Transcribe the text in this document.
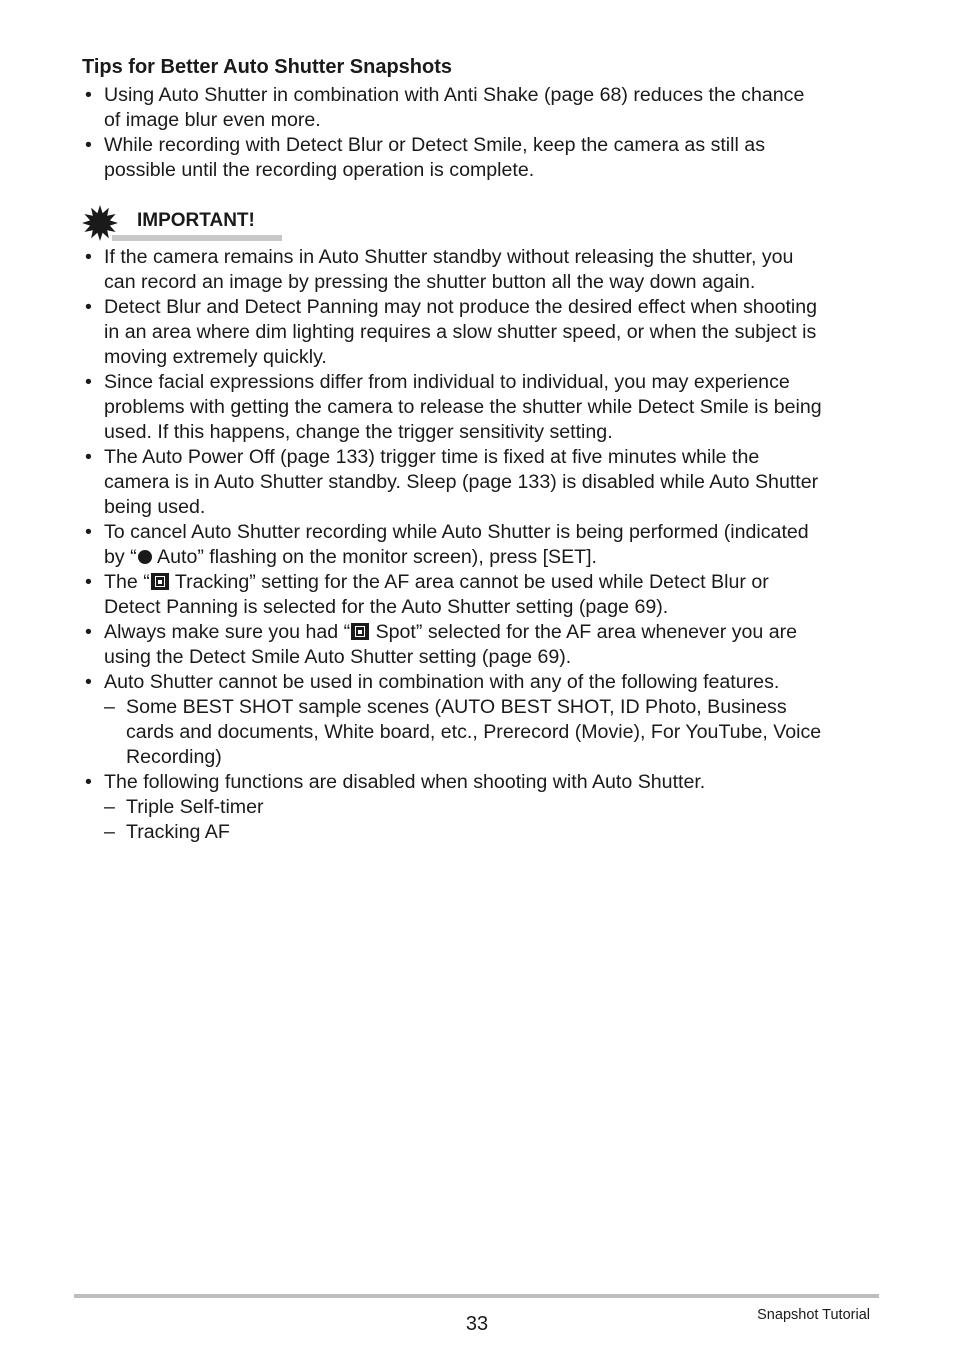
Tips for Better Auto Shutter Snapshots
• Using Auto Shutter in combination with Anti Shake (page 68) reduces the chance
of image blur even more.
• While recording with Detect Blur or Detect Smile, keep the camera as still as
possible until the recording operation is complete.
IMPORTANT!
• If the camera remains in Auto Shutter standby without releasing the shutter, you
can record an image by pressing the shutter button all the way down again.
• Detect Blur and Detect Panning may not produce the desired effect when shooting
in an area where dim lighting requires a slow shutter speed, or when the subject is
moving extremely quickly.
• Since facial expressions differ from individual to individual, you may experience
problems with getting the camera to release the shutter while Detect Smile is being
used. If this happens, change the trigger sensitivity setting.
• The Auto Power Off (page 133) trigger time is fixed at five minutes while the
camera is in Auto Shutter standby. Sleep (page 133) is disabled while Auto Shutter
being used.
• To cancel Auto Shutter recording while Auto Shutter is being performed (indicated
by “ Auto” flashing on the monitor screen), press [SET].
• The “ Tracking” setting for the AF area cannot be used while Detect Blur or
Detect Panning is selected for the Auto Shutter setting (page 69).
• Always make sure you had “ Spot” selected for the AF area whenever you are
using the Detect Smile Auto Shutter setting (page 69).
• Auto Shutter cannot be used in combination with any of the following features.
– Some BEST SHOT sample scenes (AUTO BEST SHOT, ID Photo, Business
cards and documents, White board, etc., Prerecord (Movie), For YouTube, Voice
Recording)
• The following functions are disabled when shooting with Auto Shutter.
– Triple Self-timer
– Tracking AF
33	Snapshot Tutorial
